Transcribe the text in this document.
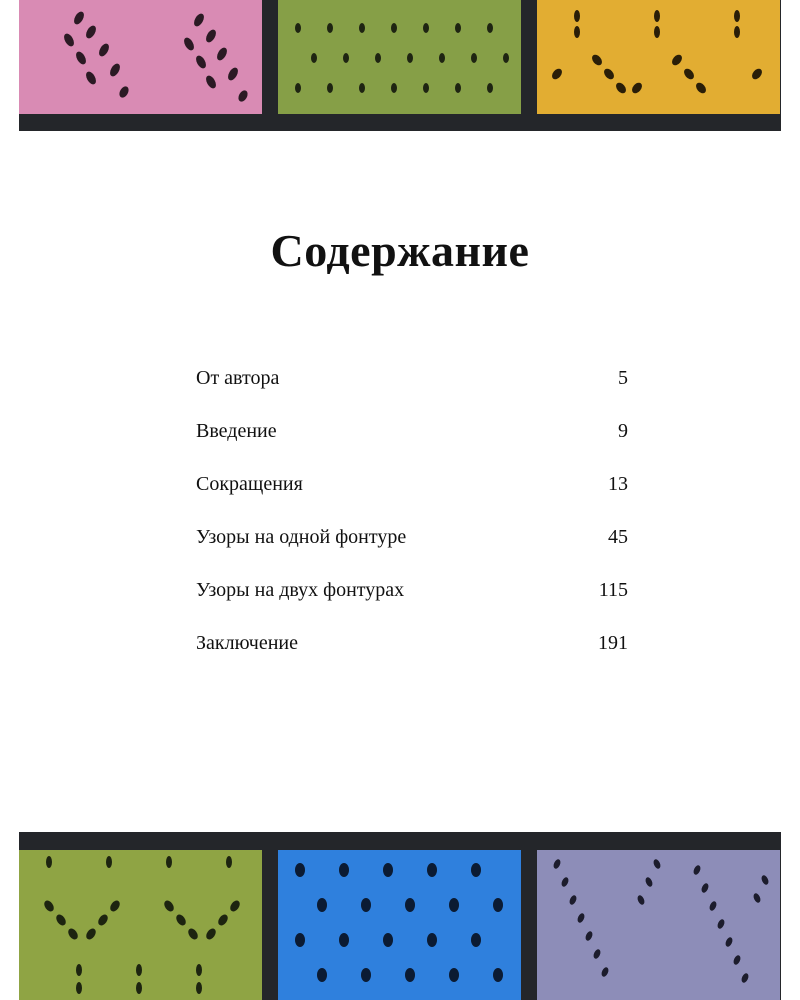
Содержание
От автора	5
Введение	9
Сокращения	13
Узоры на одной фонтуре	45
Узоры на двух фонтурах	115
Заключение	191
